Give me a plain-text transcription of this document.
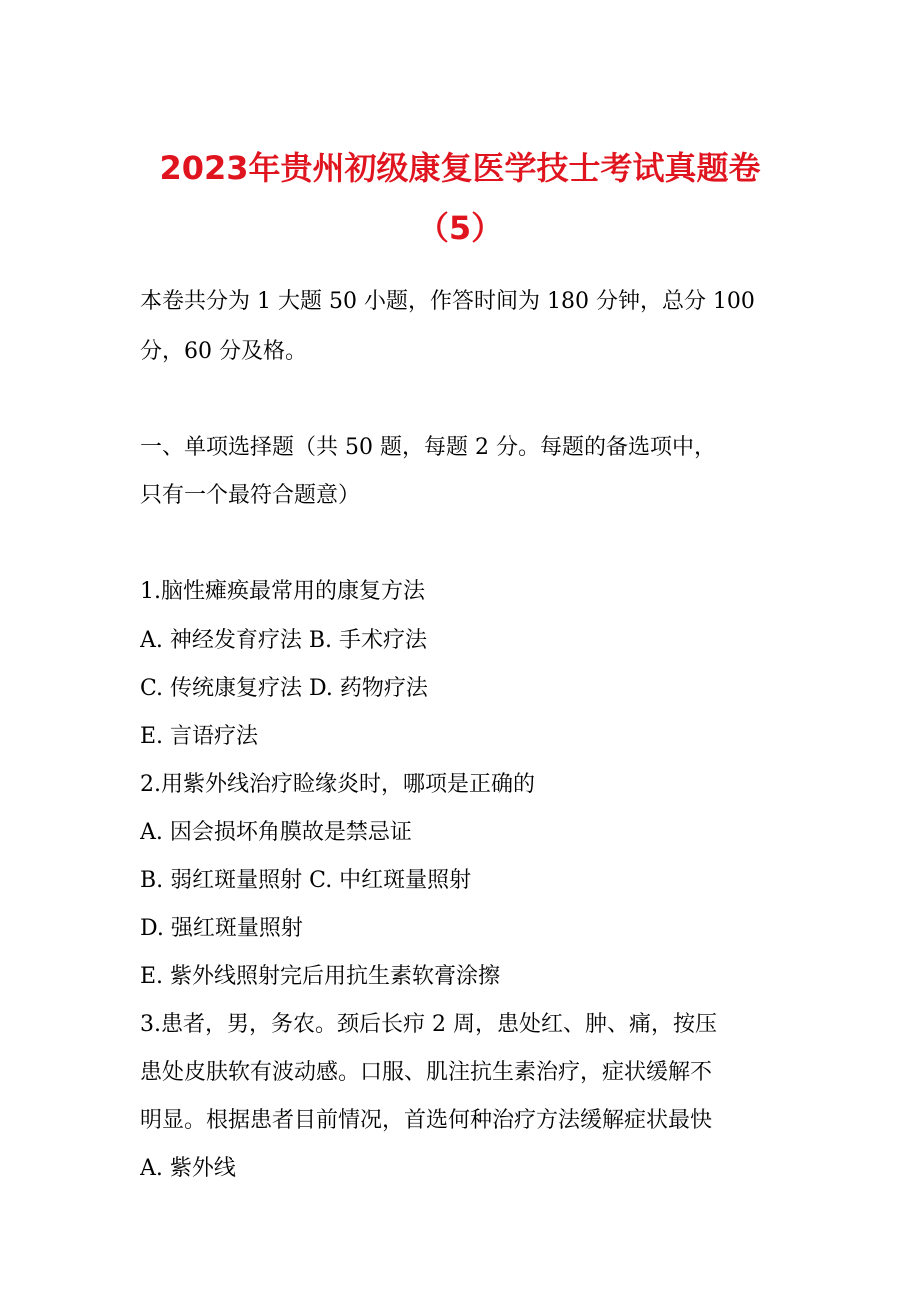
2023年贵州初级康复医学技士考试真题卷
（5）
本卷共分为 1 大题 50 小题，作答时间为 180 分钟，总分 100
分，60 分及格。
一、单项选择题（共 50 题，每题 2 分。每题的备选项中，
只有一个最符合题意）
1.脑性瘫痪最常用的康复方法
A. 神经发育疗法 B. 手术疗法
C. 传统康复疗法 D. 药物疗法
E. 言语疗法
2.用紫外线治疗睑缘炎时，哪项是正确的
A. 因会损坏角膜故是禁忌证
B. 弱红斑量照射 C. 中红斑量照射
D. 强红斑量照射
E. 紫外线照射完后用抗生素软膏涂擦
3.患者，男，务农。颈后长疖 2 周，患处红、肿、痛，按压
患处皮肤软有波动感。口服、肌注抗生素治疗，症状缓解不
明显。根据患者目前情况，首选何种治疗方法缓解症状最快
A. 紫外线
